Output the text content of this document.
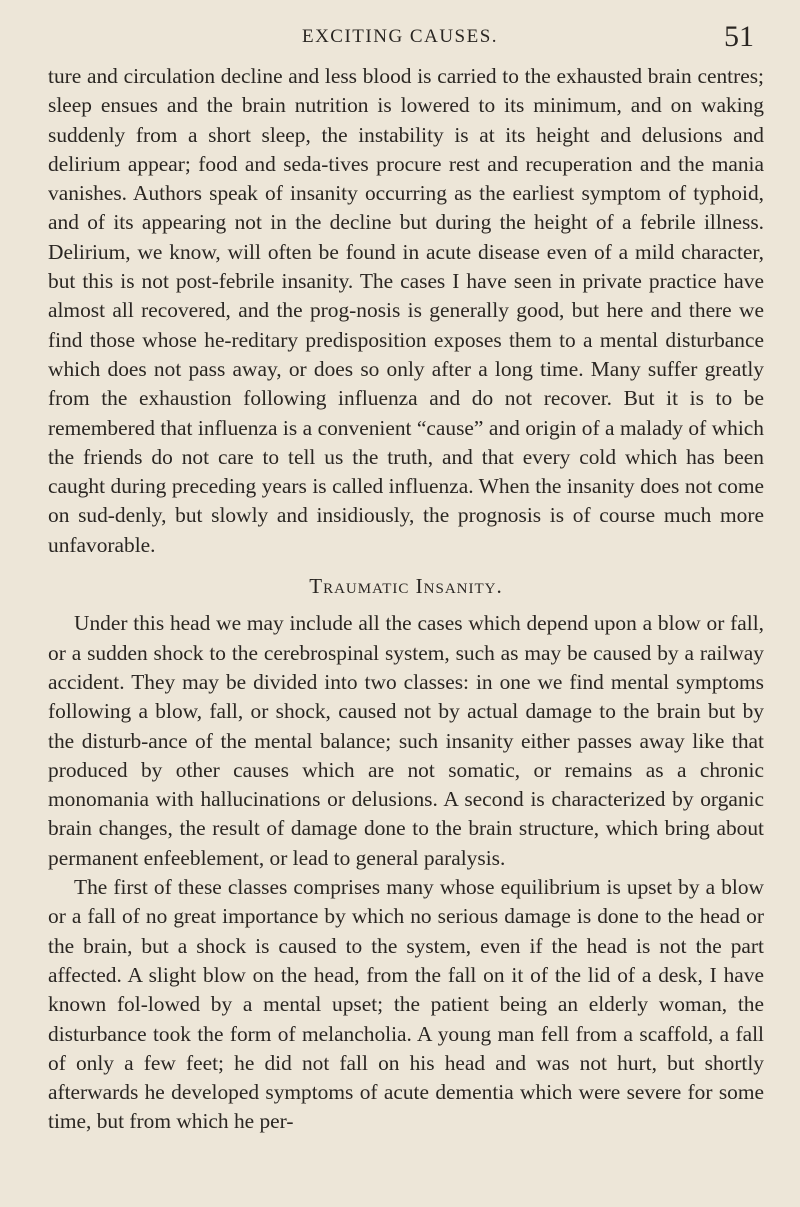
EXCITING CAUSES.	51

ture and circulation decline and less blood is carried to the exhausted brain centres; sleep ensues and the brain nutrition is lowered to its minimum, and on waking suddenly from a short sleep, the instability is at its height and delusions and delirium appear; food and seda-tives procure rest and recuperation and the mania vanishes. Authors speak of insanity occurring as the earliest symptom of typhoid, and of its appearing not in the decline but during the height of a febrile illness. Delirium, we know, will often be found in acute disease even of a mild character, but this is not post-febrile insanity. The cases I have seen in private practice have almost all recovered, and the prog-nosis is generally good, but here and there we find those whose he-reditary predisposition exposes them to a mental disturbance which does not pass away, or does so only after a long time. Many suffer greatly from the exhaustion following influenza and do not recover. But it is to be remembered that influenza is a convenient “cause” and origin of a malady of which the friends do not care to tell us the truth, and that every cold which has been caught during preceding years is called influenza. When the insanity does not come on sud-denly, but slowly and insidiously, the prognosis is of course much more unfavorable.

Traumatic Insanity.

Under this head we may include all the cases which depend upon a blow or fall, or a sudden shock to the cerebrospinal system, such as may be caused by a railway accident. They may be divided into two classes: in one we find mental symptoms following a blow, fall, or shock, caused not by actual damage to the brain but by the disturb-ance of the mental balance; such insanity either passes away like that produced by other causes which are not somatic, or remains as a chronic monomania with hallucinations or delusions. A second is characterized by organic brain changes, the result of damage done to the brain structure, which bring about permanent enfeeblement, or lead to general paralysis.

The first of these classes comprises many whose equilibrium is upset by a blow or a fall of no great importance by which no serious damage is done to the head or the brain, but a shock is caused to the system, even if the head is not the part affected. A slight blow on the head, from the fall on it of the lid of a desk, I have known fol-lowed by a mental upset; the patient being an elderly woman, the disturbance took the form of melancholia. A young man fell from a scaffold, a fall of only a few feet; he did not fall on his head and was not hurt, but shortly afterwards he developed symptoms of acute dementia which were severe for some time, but from which he per-
